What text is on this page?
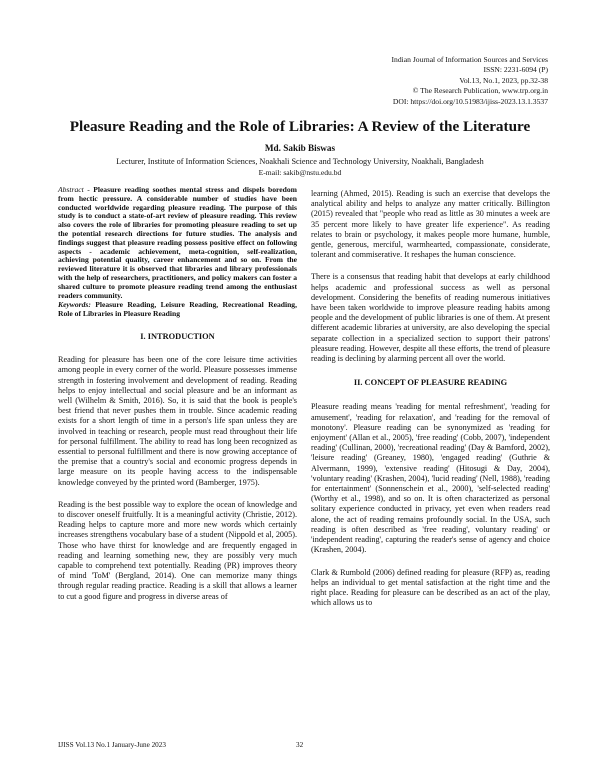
Indian Journal of Information Sources and Services
ISSN: 2231-6094 (P)
Vol.13, No.1, 2023, pp.32-38
© The Research Publication, www.trp.org.in
DOI: https://doi.org/10.51983/ijiss-2023.13.1.3537
Pleasure Reading and the Role of Libraries: A Review of the Literature
Md. Sakib Biswas
Lecturer, Institute of Information Sciences, Noakhali Science and Technology University, Noakhali, Bangladesh
E-mail: sakib@nstu.edu.bd

Abstract - Pleasure reading soothes mental stress and dispels boredom from hectic pressure. A considerable number of studies have been conducted worldwide regarding pleasure reading. The purpose of this study is to conduct a state-of-art review of pleasure reading. This review also covers the role of libraries for promoting pleasure reading to set up the potential research directions for future studies. The analysis and findings suggest that pleasure reading possess positive effect on following aspects - academic achievement, meta-cognition, self-realization, achieving potential quality, career enhancement and so on. From the reviewed literature it is observed that libraries and library professionals with the help of researchers, practitioners, and policy makers can foster a shared culture to promote pleasure reading trend among the enthusiast readers community.

Keywords: Pleasure Reading, Leisure Reading, Recreational Reading, Role of Libraries in Pleasure Reading

I. INTRODUCTION

Reading for pleasure has been one of the core leisure time activities among people in every corner of the world. Pleasure possesses immense strength in fostering involvement and development of reading. Reading helps to enjoy intellectual and social pleasure and be an informant as well (Wilhelm & Smith, 2016). So, it is said that the book is people's best friend that never pushes them in trouble. Since academic reading exists for a short length of time in a person's life span unless they are involved in teaching or research, people must read throughout their life for personal fulfillment. The ability to read has long been recognized as essential to personal fulfillment and there is now growing acceptance of the premise that a country's social and economic progress depends in large measure on its people having access to the indispensable knowledge conveyed by the printed word (Bamberger, 1975).

Reading is the best possible way to explore the ocean of knowledge and to discover oneself fruitfully. It is a meaningful activity (Christie, 2012). Reading helps to capture more and more new words which certainly increases strengthens vocabulary base of a student (Nippold et al, 2005). Those who have thirst for knowledge and are frequently engaged in reading and learning something new, they are possibly very much capable to comprehend text potentially. Reading (PR) improves theory of mind 'ToM' (Bergland, 2014). One can memorize many things through regular reading practice. Reading is a skill that allows a learner to cut a good figure and progress in diverse areas of

learning (Ahmed, 2015). Reading is such an exercise that develops the analytical ability and helps to analyze any matter critically. Billington (2015) revealed that "people who read as little as 30 minutes a week are 35 percent more likely to have greater life experience". As reading relates to brain or psychology, it makes people more humane, humble, gentle, generous, merciful, warmhearted, compassionate, considerate, tolerant and commiserative. It reshapes the human conscience.

There is a consensus that reading habit that develops at early childhood helps academic and professional success as well as personal development. Considering the benefits of reading numerous initiatives have been taken worldwide to improve pleasure reading habits among people and the development of public libraries is one of them. At present different academic libraries at university, are also developing the special separate collection in a specialized section to support their patrons' pleasure reading. However, despite all these efforts, the trend of pleasure reading is declining by alarming percent all over the world.

II. CONCEPT OF PLEASURE READING

Pleasure reading means 'reading for mental refreshment', 'reading for amusement', 'reading for relaxation', and 'reading for the removal of monotony'. Pleasure reading can be synonymized as 'reading for enjoyment' (Allan et al., 2005), 'free reading' (Cobb, 2007), 'independent reading' (Cullinan, 2000), 'recreational reading' (Day & Bamford, 2002), 'leisure reading' (Greaney, 1980), 'engaged reading' (Guthrie & Alvermann, 1999), 'extensive reading' (Hitosugi & Day, 2004), 'voluntary reading' (Krashen, 2004), 'lucid reading' (Nell, 1988), 'reading for entertainment' (Sonnenschein et al., 2000), 'self-selected reading' (Worthy et al., 1998), and so on. It is often characterized as personal solitary experience conducted in privacy, yet even when readers read alone, the act of reading remains profoundly social. In the USA, such reading is often described as 'free reading', voluntary reading' or 'independent reading', capturing the reader's sense of agency and choice (Krashen, 2004).

Clark & Rumbold (2006) defined reading for pleasure (RFP) as, reading helps an individual to get mental satisfaction at the right time and the right place. Reading for pleasure can be described as an act of the play, which allows us to

IJISS Vol.13 No.1 January-June 2023	32
